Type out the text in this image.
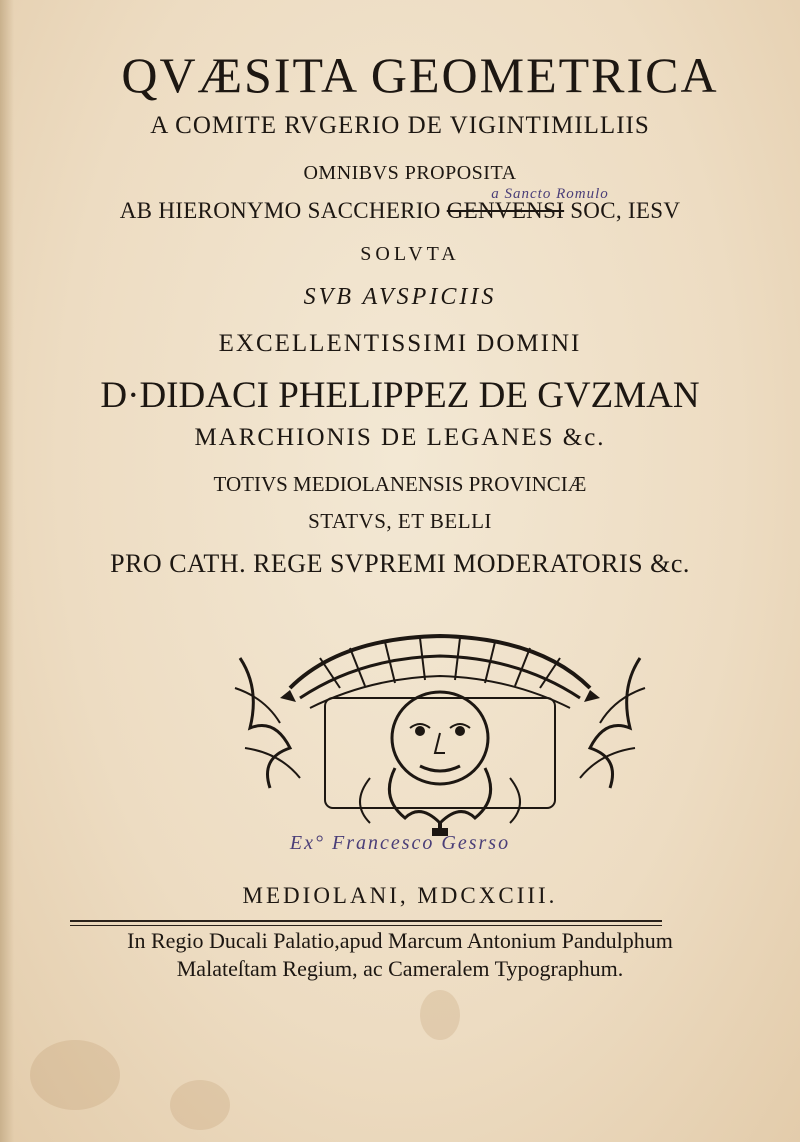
QVÆSITA GEOMETRICA
A COMITE RVGERIO DE VIGINTIMILLIIS
OMNIBVS PROPOSITA
a Sancto Romulo
AB HIERONYMO SACCHERIO GENVENSI SOC, IESV
SOLVTA
SVB AVSPICIIS
EXCELLENTISSIMI DOMINI
D·DIDACI PHELIPPEZ DE GVZMAN
MARCHIONIS DE LEGANES &c.
TOTIVS MEDIOLANENSIS PROVINCIÆ
STATVS, ET BELLI
PRO CATH. REGE SVPREMI MODERATORIS &c.
Ex° Francesco Gesrso
MEDIOLANI, MDCXCIII.
In Regio Ducali Palatio,apud Marcum Antonium Pandulphum
Malateſtam Regium, ac Cameralem Typographum.
